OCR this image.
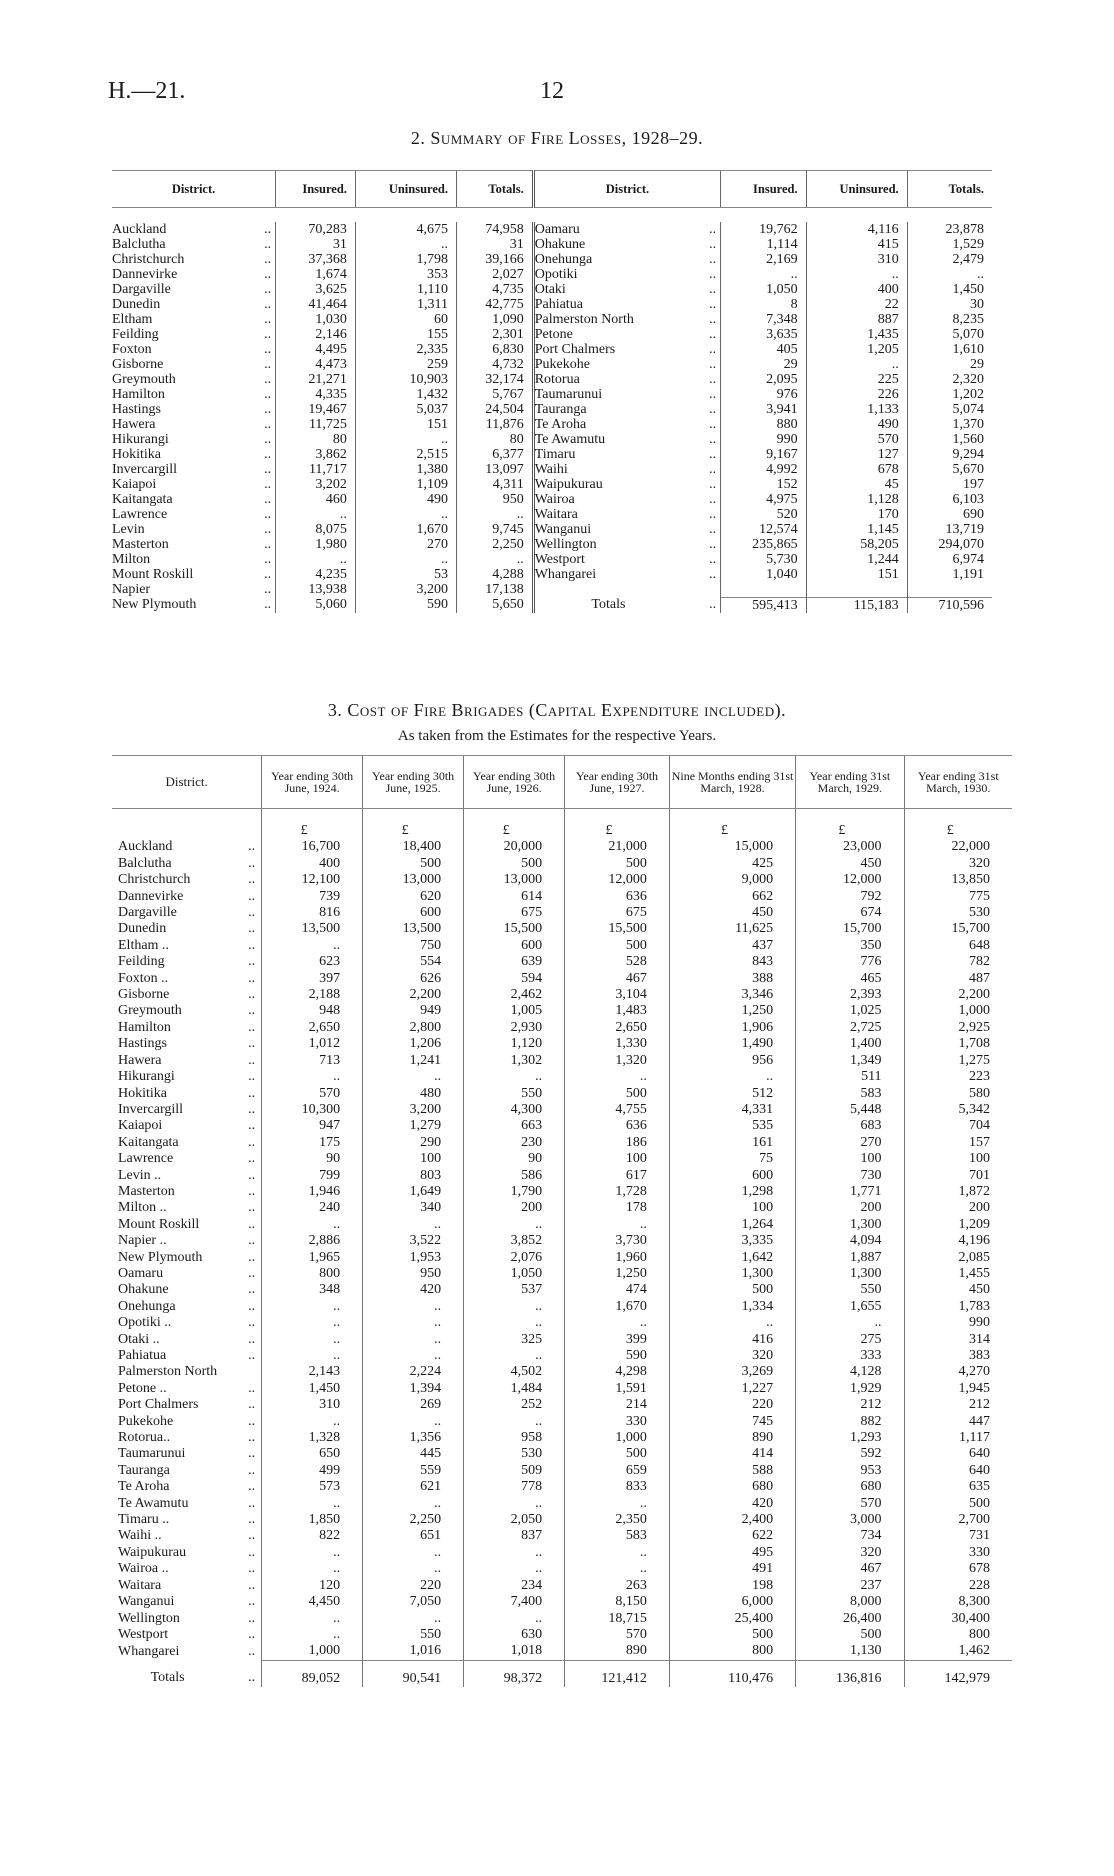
H.—21.	12
2. Summary of Fire Losses, 1928–29.
District.		Insured.	Uninsured.	Totals.	District.		Insured.	Uninsured.	Totals.

Auckland	..	70,283	4,675	74,958	Oamaru	..	19,762	4,116	23,878
Balclutha	..	31	..	31	Ohakune	..	1,114	415	1,529
Christchurch	..	37,368	1,798	39,166	Onehunga	..	2,169	310	2,479
Dannevirke	..	1,674	353	2,027	Opotiki	..	..	..	..
Dargaville	..	3,625	1,110	4,735	Otaki	..	1,050	400	1,450
Dunedin	..	41,464	1,311	42,775	Pahiatua	..	8	22	30
Eltham	..	1,030	60	1,090	Palmerston North	..	7,348	887	8,235
Feilding	..	2,146	155	2,301	Petone	..	3,635	1,435	5,070
Foxton	..	4,495	2,335	6,830	Port Chalmers	..	405	1,205	1,610
Gisborne	..	4,473	259	4,732	Pukekohe	..	29	..	29
Greymouth	..	21,271	10,903	32,174	Rotorua	..	2,095	225	2,320
Hamilton	..	4,335	1,432	5,767	Taumarunui	..	976	226	1,202
Hastings	..	19,467	5,037	24,504	Tauranga	..	3,941	1,133	5,074
Hawera	..	11,725	151	11,876	Te Aroha	..	880	490	1,370
Hikurangi	..	80	..	80	Te Awamutu	..	990	570	1,560
Hokitika	..	3,862	2,515	6,377	Timaru	..	9,167	127	9,294
Invercargill	..	11,717	1,380	13,097	Waihi	..	4,992	678	5,670
Kaiapoi	..	3,202	1,109	4,311	Waipukurau	..	152	45	197
Kaitangata	..	460	490	950	Wairoa	..	4,975	1,128	6,103
Lawrence	..	..	..	..	Waitara	..	520	170	690
Levin	..	8,075	1,670	9,745	Wanganui	..	12,574	1,145	13,719
Masterton	..	1,980	270	2,250	Wellington	..	235,865	58,205	294,070
Milton	..	..	..	..	Westport	..	5,730	1,244	6,974
Mount Roskill	..	4,235	53	4,288	Whangarei	..	1,040	151	1,191
Napier	..	13,938	3,200	17,138					
New Plymouth	..	5,060	590	5,650	Totals	..	595,413	115,183	710,596
3. Cost of Fire Brigades (Capital Expenditure included).
As taken from the Estimates for the respective Years.
District.		Year ending 30th June, 1924.	Year ending 30th June, 1925.	Year ending 30th June, 1926.	Year ending 30th June, 1927.	Nine Months ending 31st March, 1928.	Year ending 31st March, 1929.	Year ending 31st March, 1930.
		£	£	£	£	£	£	£
Auckland	..	16,700	18,400	20,000	21,000	15,000	23,000	22,000
Balclutha	..	400	500	500	500	425	450	320
Christchurch	..	12,100	13,000	13,000	12,000	9,000	12,000	13,850
Dannevirke	..	739	620	614	636	662	792	775
Dargaville	..	816	600	675	675	450	674	530
Dunedin	..	13,500	13,500	15,500	15,500	11,625	15,700	15,700
Eltham ..	..	..	750	600	500	437	350	648
Feilding	..	623	554	639	528	843	776	782
Foxton ..	..	397	626	594	467	388	465	487
Gisborne	..	2,188	2,200	2,462	3,104	3,346	2,393	2,200
Greymouth	..	948	949	1,005	1,483	1,250	1,025	1,000
Hamilton	..	2,650	2,800	2,930	2,650	1,906	2,725	2,925
Hastings	..	1,012	1,206	1,120	1,330	1,490	1,400	1,708
Hawera	..	713	1,241	1,302	1,320	956	1,349	1,275
Hikurangi	..	..	..	..	..	..	511	223
Hokitika	..	570	480	550	500	512	583	580
Invercargill	..	10,300	3,200	4,300	4,755	4,331	5,448	5,342
Kaiapoi	..	947	1,279	663	636	535	683	704
Kaitangata	..	175	290	230	186	161	270	157
Lawrence	..	90	100	90	100	75	100	100
Levin ..	..	799	803	586	617	600	730	701
Masterton	..	1,946	1,649	1,790	1,728	1,298	1,771	1,872
Milton ..	..	240	340	200	178	100	200	200
Mount Roskill	..	..	..	..	..	1,264	1,300	1,209
Napier ..	..	2,886	3,522	3,852	3,730	3,335	4,094	4,196
New Plymouth	..	1,965	1,953	2,076	1,960	1,642	1,887	2,085
Oamaru	..	800	950	1,050	1,250	1,300	1,300	1,455
Ohakune	..	348	420	537	474	500	550	450
Onehunga	..	..	..	..	1,670	1,334	1,655	1,783
Opotiki ..	..	..	..	..	..	..	..	990
Otaki ..	..	..	..	325	399	416	275	314
Pahiatua	..	..	..	..	590	320	333	383
Palmerston North		2,143	2,224	4,502	4,298	3,269	4,128	4,270
Petone ..	..	1,450	1,394	1,484	1,591	1,227	1,929	1,945
Port Chalmers	..	310	269	252	214	220	212	212
Pukekohe	..	..	..	..	330	745	882	447
Rotorua..	..	1,328	1,356	958	1,000	890	1,293	1,117
Taumarunui	..	650	445	530	500	414	592	640
Tauranga	..	499	559	509	659	588	953	640
Te Aroha	..	573	621	778	833	680	680	635
Te Awamutu	..	..	..	..	..	420	570	500
Timaru ..	..	1,850	2,250	2,050	2,350	2,400	3,000	2,700
Waihi ..	..	822	651	837	583	622	734	731
Waipukurau	..	..	..	..	..	495	320	330
Wairoa ..	..	..	..	..	..	491	467	678
Waitara	..	120	220	234	263	198	237	228
Wanganui	..	4,450	7,050	7,400	8,150	6,000	8,000	8,300
Wellington	..	..	..	..	18,715	25,400	26,400	30,400
Westport	..	..	550	630	570	500	500	800
Whangarei	..	1,000	1,016	1,018	890	800	1,130	1,462
Totals	..	89,052	90,541	98,372	121,412	110,476	136,816	142,979
